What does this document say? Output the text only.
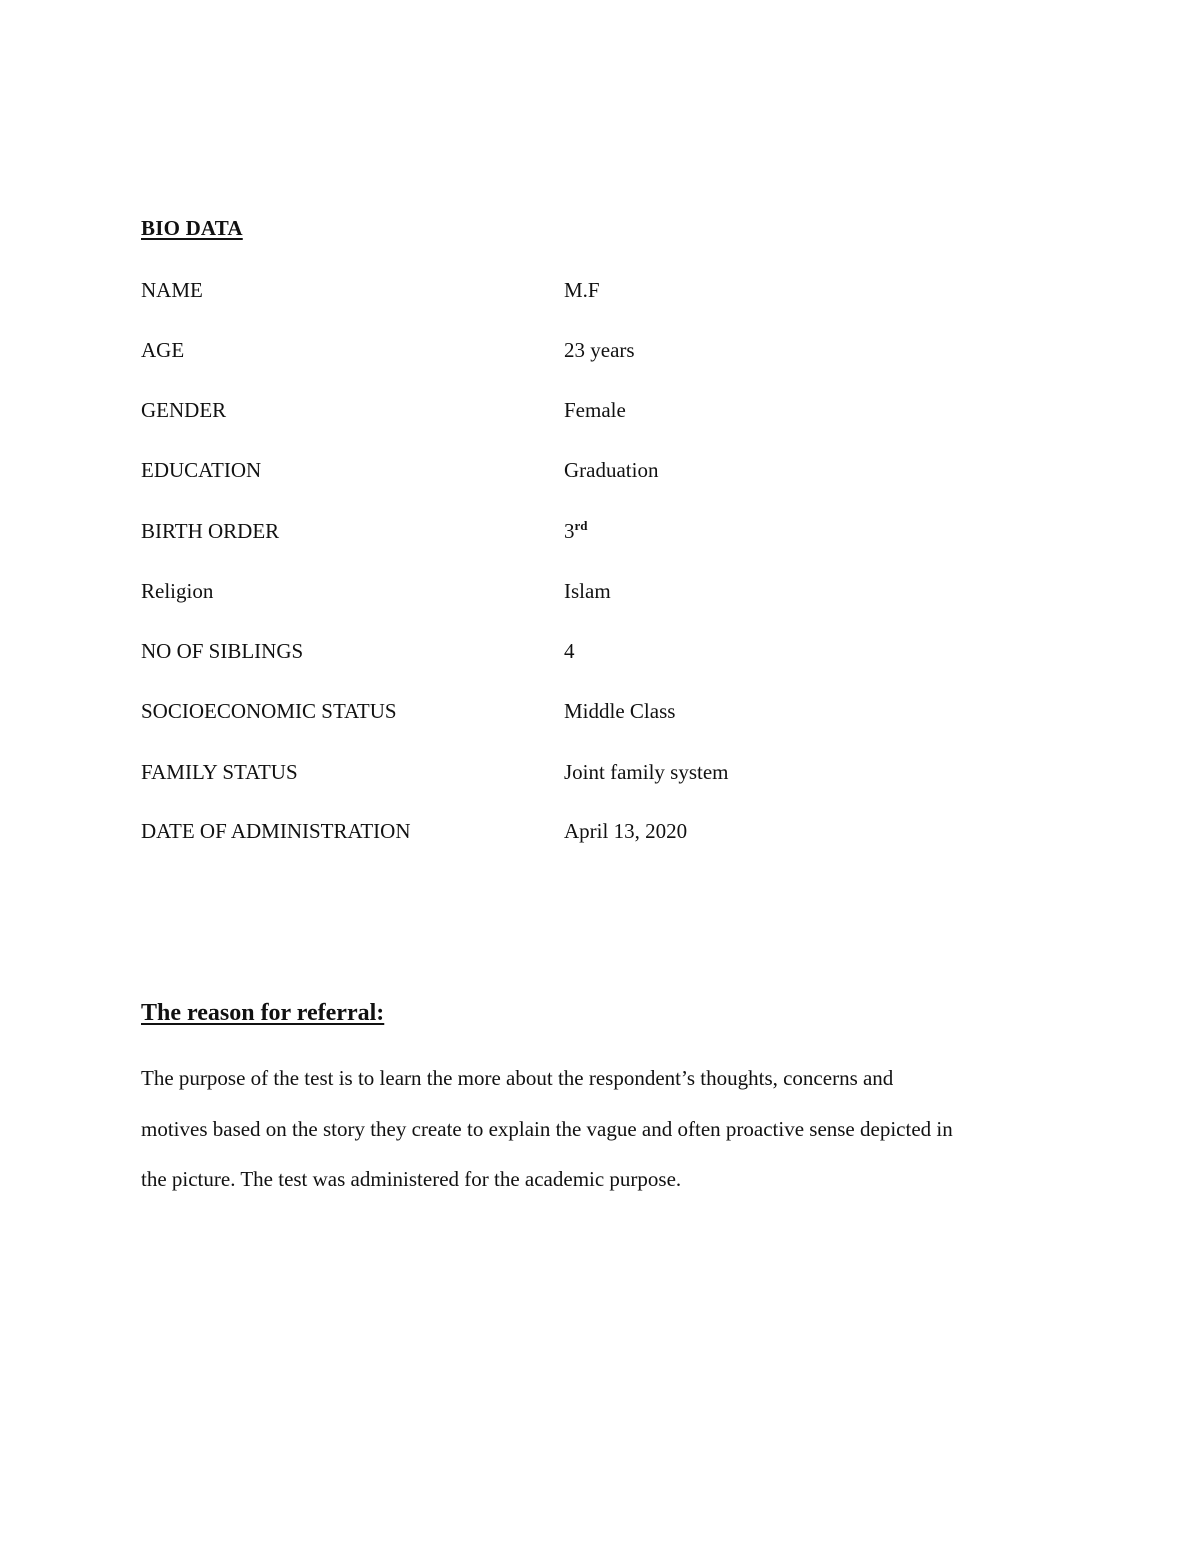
BIO DATA
NAME	M.F
AGE	23 years
GENDER	Female
EDUCATION	Graduation
BIRTH ORDER	3rd
Religion	Islam
NO OF SIBLINGS	4
SOCIOECONOMIC STATUS	Middle Class
FAMILY STATUS	Joint family system
DATE OF ADMINISTRATION	April 13, 2020
The reason for referral:
The purpose of the test is to learn the more about the respondent’s thoughts, concerns and
motives based on the story they create to explain the vague and often proactive sense depicted in
the picture. The test was administered for the academic purpose.
